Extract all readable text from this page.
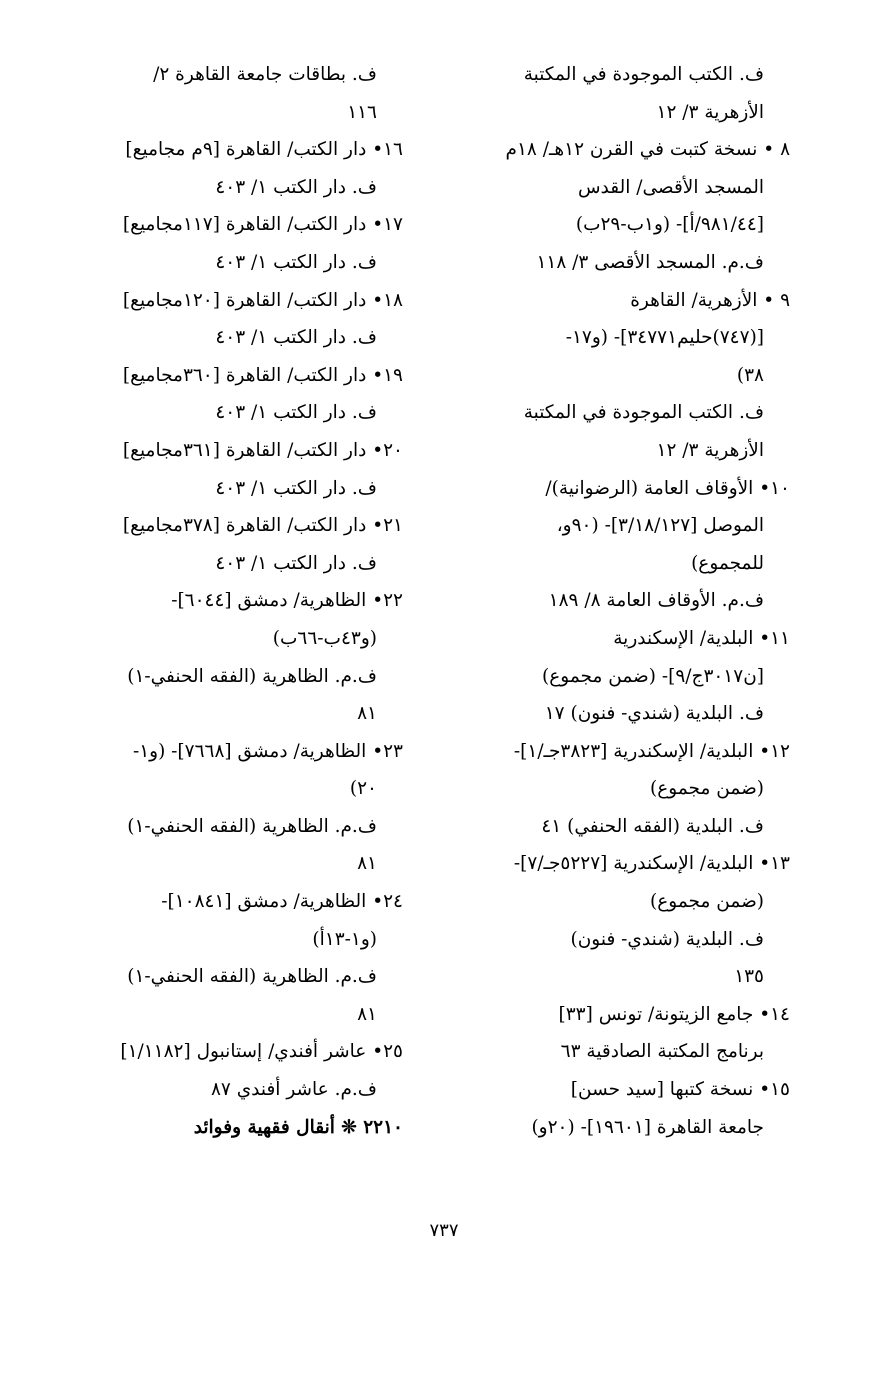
ف. الكتب الموجودة في المكتبة
الأزهرية ٣/ ١٢
٨ • نسخة كتبت في القرن ١٢هـ/ ١٨م
المسجد الأقصى/ القدس
[٩٨١/٤٤/أ]- (و١ب-٢٩ب)
ف.م. المسجد الأقصى ٣/ ١١٨
٩ • الأزهرية/ القاهرة
[(٧٤٧)حليم٣٤٧٧١]- (و١٧-
٣٨)
ف. الكتب الموجودة في المكتبة
الأزهرية ٣/ ١٢
١٠• الأوقاف العامة (الرضوانية)/
الموصل [٣/١٨/١٢٧]- (٩٠و،
للمجموع)
ف.م. الأوقاف العامة ٨/ ١٨٩
١١• البلدية/ الإسكندرية
[ن٣٠١٧ج/٩]- (ضمن مجموع)
ف. البلدية (شندي- فنون) ١٧
١٢• البلدية/ الإسكندرية [٣٨٢٣جـ/١]-
(ضمن مجموع)
ف. البلدية (الفقه الحنفي) ٤١
١٣• البلدية/ الإسكندرية [٥٢٢٧جـ/٧]-
(ضمن مجموع)
ف. البلدية (شندي- فنون)
١٣٥
١٤• جامع الزيتونة/ تونس [٣٣]
برنامج المكتبة الصادقية ٦٣
١٥• نسخة كتبها [سيد حسن]
جامعة القاهرة [١٩٦٠١]- (٢٠و)
ف. بطاقات جامعة القاهرة ٢/
١١٦
١٦• دار الكتب/ القاهرة [٩م مجاميع]
ف. دار الكتب ١/ ٤٠٣
١٧• دار الكتب/ القاهرة [١١٧مجاميع]
ف. دار الكتب ١/ ٤٠٣
١٨• دار الكتب/ القاهرة [١٢٠مجاميع]
ف. دار الكتب ١/ ٤٠٣
١٩• دار الكتب/ القاهرة [٣٦٠مجاميع]
ف. دار الكتب ١/ ٤٠٣
٢٠• دار الكتب/ القاهرة [٣٦١مجاميع]
ف. دار الكتب ١/ ٤٠٣
٢١• دار الكتب/ القاهرة [٣٧٨مجاميع]
ف. دار الكتب ١/ ٤٠٣
٢٢• الظاهرية/ دمشق [٦٠٤٤]-
(و٤٣ب-٦٦ب)
ف.م. الظاهرية (الفقه الحنفي-١)
٨١
٢٣• الظاهرية/ دمشق [٧٦٦٨]- (و١-
٢٠)
ف.م. الظاهرية (الفقه الحنفي-١)
٨١
٢٤• الظاهرية/ دمشق [١٠٨٤١]-
(و١-١٣أ)
ف.م. الظاهرية (الفقه الحنفي-١)
٨١
٢٥• عاشر أفندي/ إستانبول [١/١١٨٢]
ف.م. عاشر أفندي ٨٧
٢٢١٠ ❊ أنقال فقهية وفوائد
٧٣٧
